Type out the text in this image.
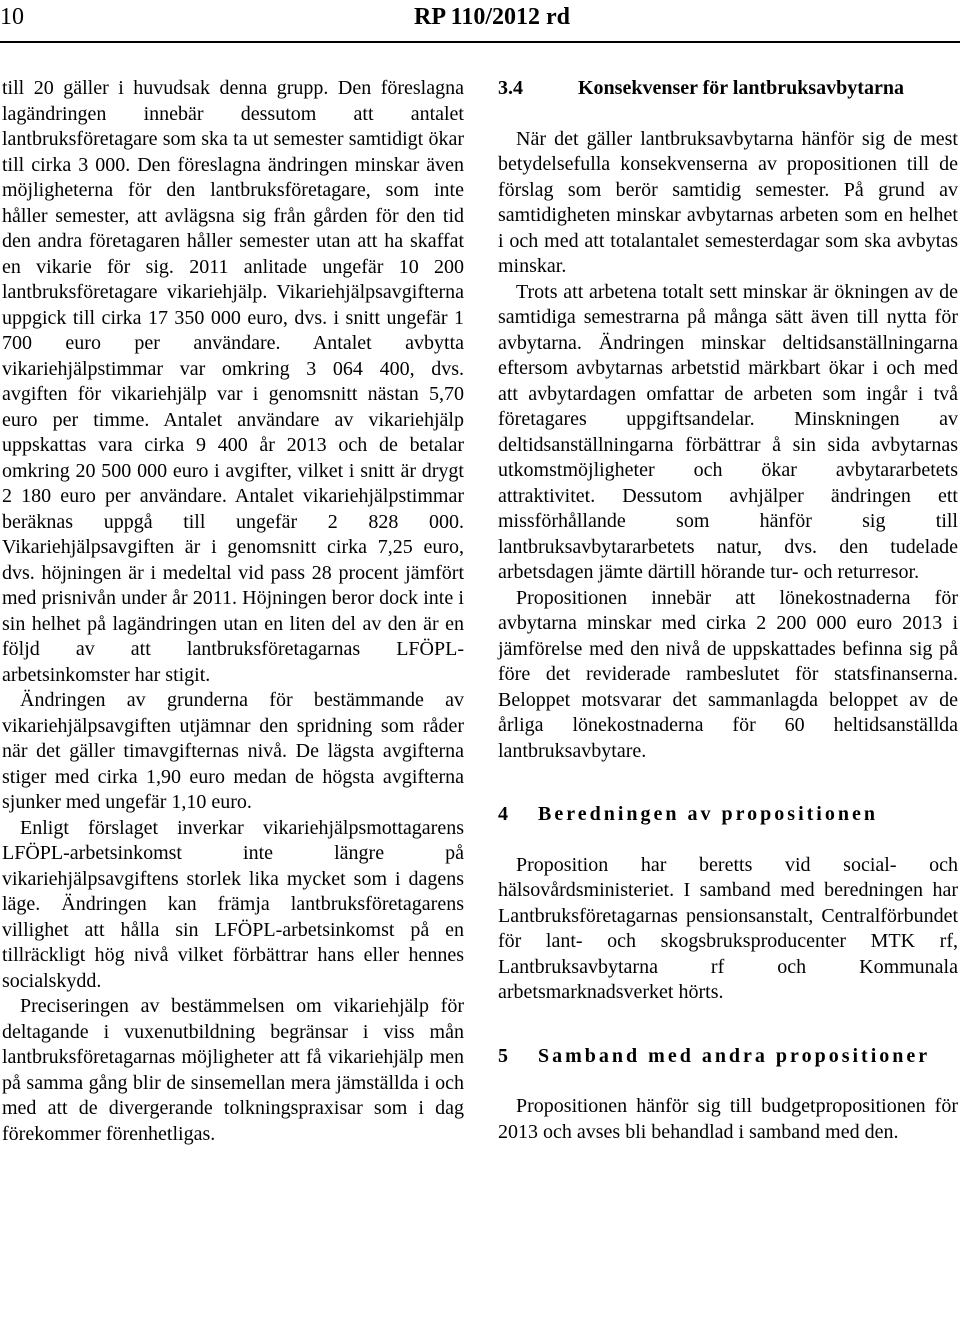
10	RP 110/2012 rd

till 20 gäller i huvudsak denna grupp. Den föreslagna lagändringen innebär dessutom att antalet lantbruksföretagare som ska ta ut semester samtidigt ökar till cirka 3 000. Den föreslagna ändringen minskar även möjligheterna för den lantbruksföretagare, som inte håller semester, att avlägsna sig från gården för den tid den andra företagaren håller semester utan att ha skaffat en vikarie för sig. 2011 anlitade ungefär 10 200 lantbruksföretagare vikariehjälp. Vikariehjälpsavgifterna uppgick till cirka 17 350 000 euro, dvs. i snitt ungefär 1 700 euro per användare. Antalet avbytta vikariehjälpstimmar var omkring 3 064 400, dvs. avgiften för vikariehjälp var i genomsnitt nästan 5,70 euro per timme. Antalet användare av vikariehjälp uppskattas vara cirka 9 400 år 2013 och de betalar omkring 20 500 000 euro i avgifter, vilket i snitt är drygt 2 180 euro per användare. Antalet vikariehjälpstimmar beräknas uppgå till ungefär 2 828 000. Vikariehjälpsavgiften är i genomsnitt cirka 7,25 euro, dvs. höjningen är i medeltal vid pass 28 procent jämfört med prisnivån under år 2011. Höjningen beror dock inte i sin helhet på lagändringen utan en liten del av den är en följd av att lantbruksföretagarnas LFÖPL-arbetsinkomster har stigit.

Ändringen av grunderna för bestämmande av vikariehjälpsavgiften utjämnar den spridning som råder när det gäller timavgifternas nivå. De lägsta avgifterna stiger med cirka 1,90 euro medan de högsta avgifterna sjunker med ungefär 1,10 euro.

Enligt förslaget inverkar vikariehjälpsmottagarens LFÖPL-arbetsinkomst inte längre på vikariehjälpsavgiftens storlek lika mycket som i dagens läge. Ändringen kan främja lantbruksföretagarens villighet att hålla sin LFÖPL-arbetsinkomst på en tillräckligt hög nivå vilket förbättrar hans eller hennes socialskydd.

Preciseringen av bestämmelsen om vikariehjälp för deltagande i vuxenutbildning begränsar i viss mån lantbruksföretagarnas möjligheter att få vikariehjälp men på samma gång blir de sinsemellan mera jämställda i och med att de divergerande tolkningspraxisar som i dag förekommer förenhetligas.

3.4	Konsekvenser för lantbruksavbytarna

När det gäller lantbruksavbytarna hänför sig de mest betydelsefulla konsekvenserna av propositionen till de förslag som berör samtidig semester. På grund av samtidigheten minskar avbytarnas arbeten som en helhet i och med att totalantalet semesterdagar som ska avbytas minskar.

Trots att arbetena totalt sett minskar är ökningen av de samtidiga semestrarna på många sätt även till nytta för avbytarna. Ändringen minskar deltidsanställningarna eftersom avbytarnas arbetstid märkbart ökar i och med att avbytardagen omfattar de arbeten som ingår i två företagares uppgiftsandelar. Minskningen av deltidsanställningarna förbättrar å sin sida avbytarnas utkomstmöjligheter och ökar avbytararbetets attraktivitet. Dessutom avhjälper ändringen ett missförhållande som hänför sig till lantbruksavbytararbetets natur, dvs. den tudelade arbetsdagen jämte därtill hörande tur- och returresor.

Propositionen innebär att lönekostnaderna för avbytarna minskar med cirka 2 200 000 euro 2013 i jämförelse med den nivå de uppskattades befinna sig på före det reviderade rambeslutet för statsfinanserna. Beloppet motsvarar det sammanlagda beloppet av de årliga lönekostnaderna för 60 heltidsanställda lantbruksavbytare.

4	Beredningen av propositionen

Proposition har beretts vid social- och hälsovårdsministeriet. I samband med beredningen har Lantbruksföretagarnas pensionsanstalt, Centralförbundet för lant- och skogsbruksproducenter MTK rf, Lantbruksavbytarna rf och Kommunala arbetsmarknadsverket hörts.

5	Samband med andra propositioner

Propositionen hänför sig till budgetpropositionen för 2013 och avses bli behandlad i samband med den.
